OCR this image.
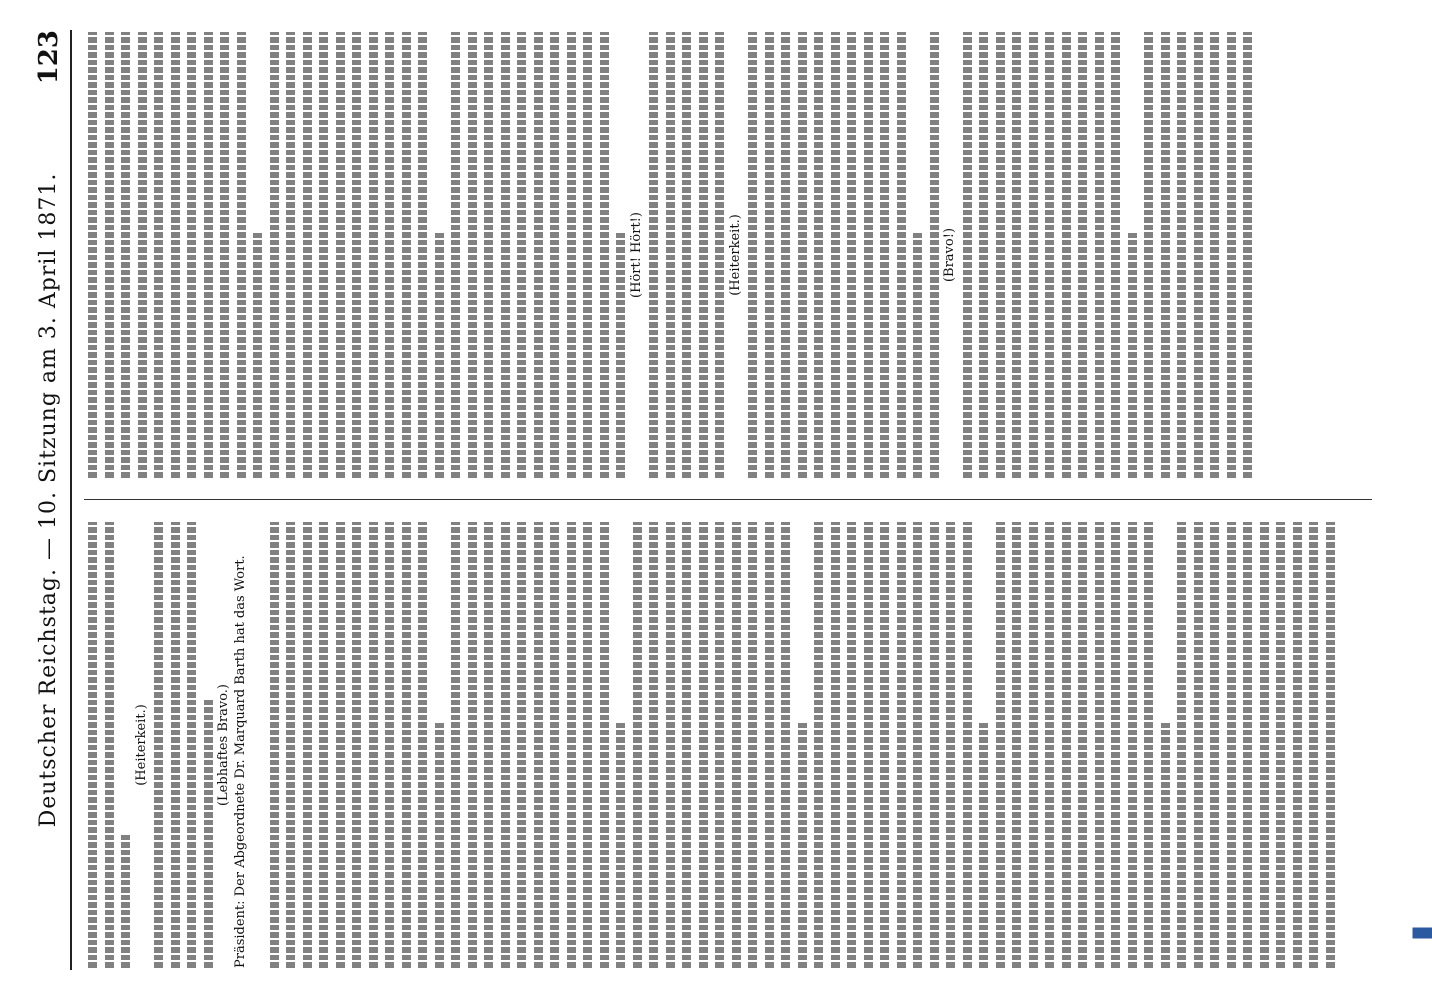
Deutscher Reichstag. — 10. Sitzung am 3. April 1871.
123
(Heiterkeit.)	(Lebhaftes Bravo.) Präsident: Der Abgeordnete Dr. Marquard Barth hat das Wort.
(Hört! Hört!)	(Heiterkeit.)	(Bravo!)
